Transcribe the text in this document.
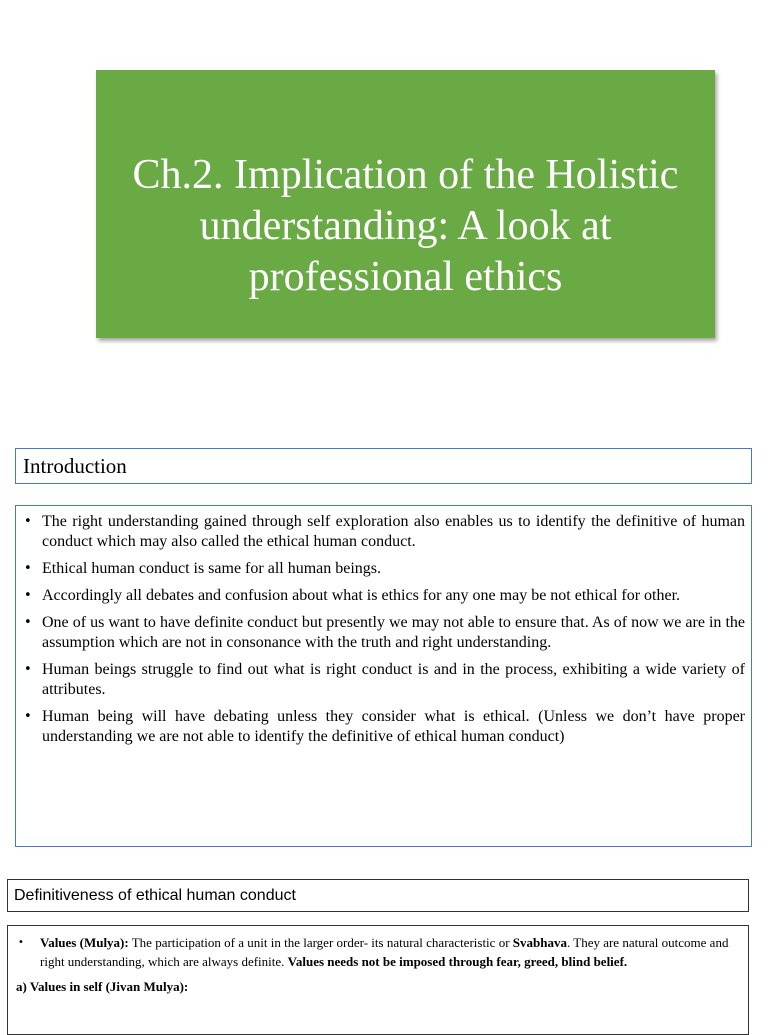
Ch.2. Implication of the Holistic understanding: A look at professional ethics
Introduction
• The right understanding gained through self exploration also enables us to identify the definitive of human conduct which may also called the ethical human conduct.
• Ethical human conduct is same for all human beings.
• Accordingly all debates and confusion about what is ethics for any one may be not ethical for other.
• One of us want to have definite conduct but presently we may not able to ensure that. As of now we are in the assumption which are not in consonance with the truth and right understanding.
• Human beings struggle to find out what is right conduct is and in the process, exhibiting a wide variety of attributes.
• Human being will have debating unless they consider what is ethical. (Unless we don’t have proper understanding we are not able to identify the definitive of ethical human conduct)
Definitiveness of ethical human conduct

• Values (Mulya): The participation of a unit in the larger order- its natural characteristic or Svabhava. They are natural outcome and right understanding, which are always definite. Values needs not be imposed through fear, greed, blind belief.

a) Values in self (Jivan Mulya):
